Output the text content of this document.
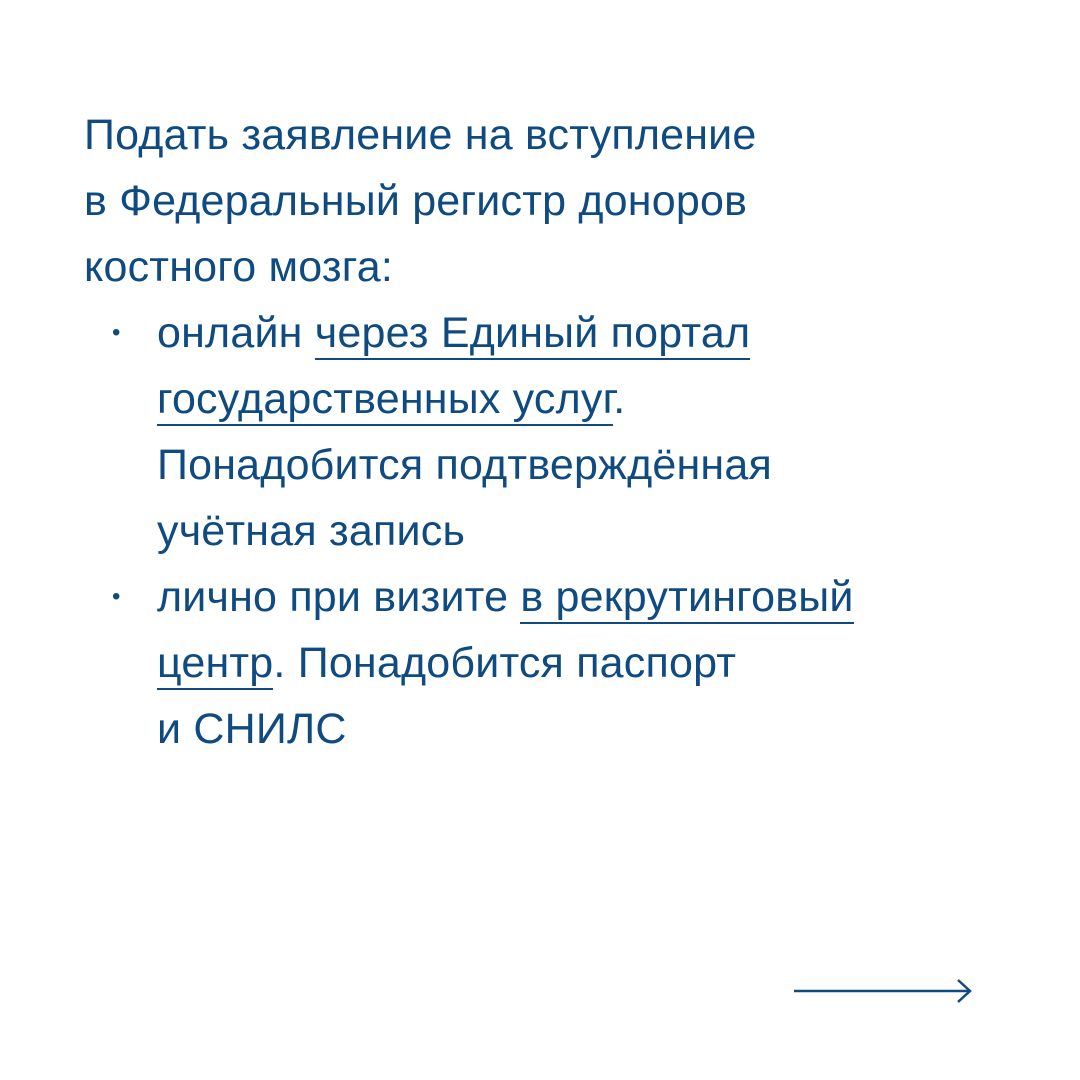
Подать заявление на вступление
в Федеральный регистр доноров
костного мозга:
• онлайн через Единый портал
государственных услуг.
Понадобится подтверждённая
учётная запись
• лично при визите в рекрутинговый
центр. Понадобится паспорт
и СНИЛС
